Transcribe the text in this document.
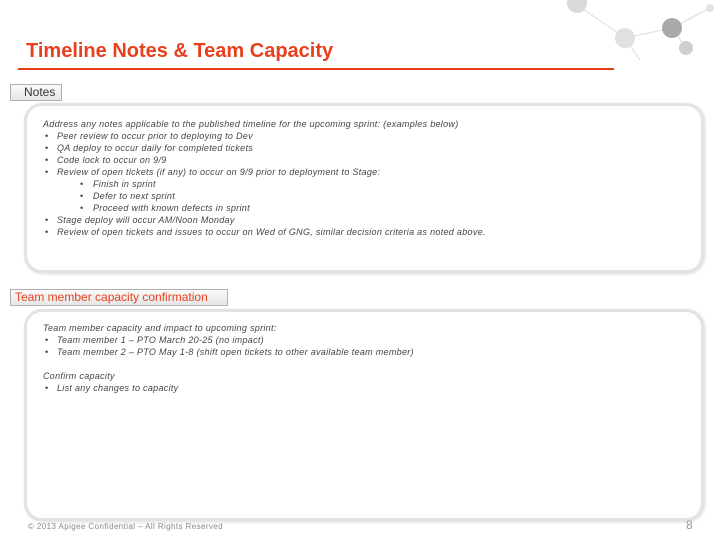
Timeline Notes & Team Capacity
Notes
Address any notes applicable to the published timeline for the upcoming sprint: (examples below)
• Peer review to occur prior to deploying to Dev
• QA deploy to occur daily for completed tickets
• Code lock to occur on 9/9
• Review of open tickets (if any) to occur on 9/9 prior to deployment to Stage:
• Finish in sprint
• Defer to next sprint
• Proceed with known defects in sprint
• Stage deploy will occur AM/Noon Monday
• Review of open tickets and issues to occur on Wed of GNG, similar decision criteria as noted above.
Team member capacity confirmation
Team member capacity and impact to upcoming sprint:
• Team member 1 – PTO March 20-25 (no impact)
• Team member 2 – PTO May 1-8 (shift open tickets to other available team member)
Confirm capacity
• List any changes to capacity
© 2013 Apigee Confidential – All Rights Reserved	8
